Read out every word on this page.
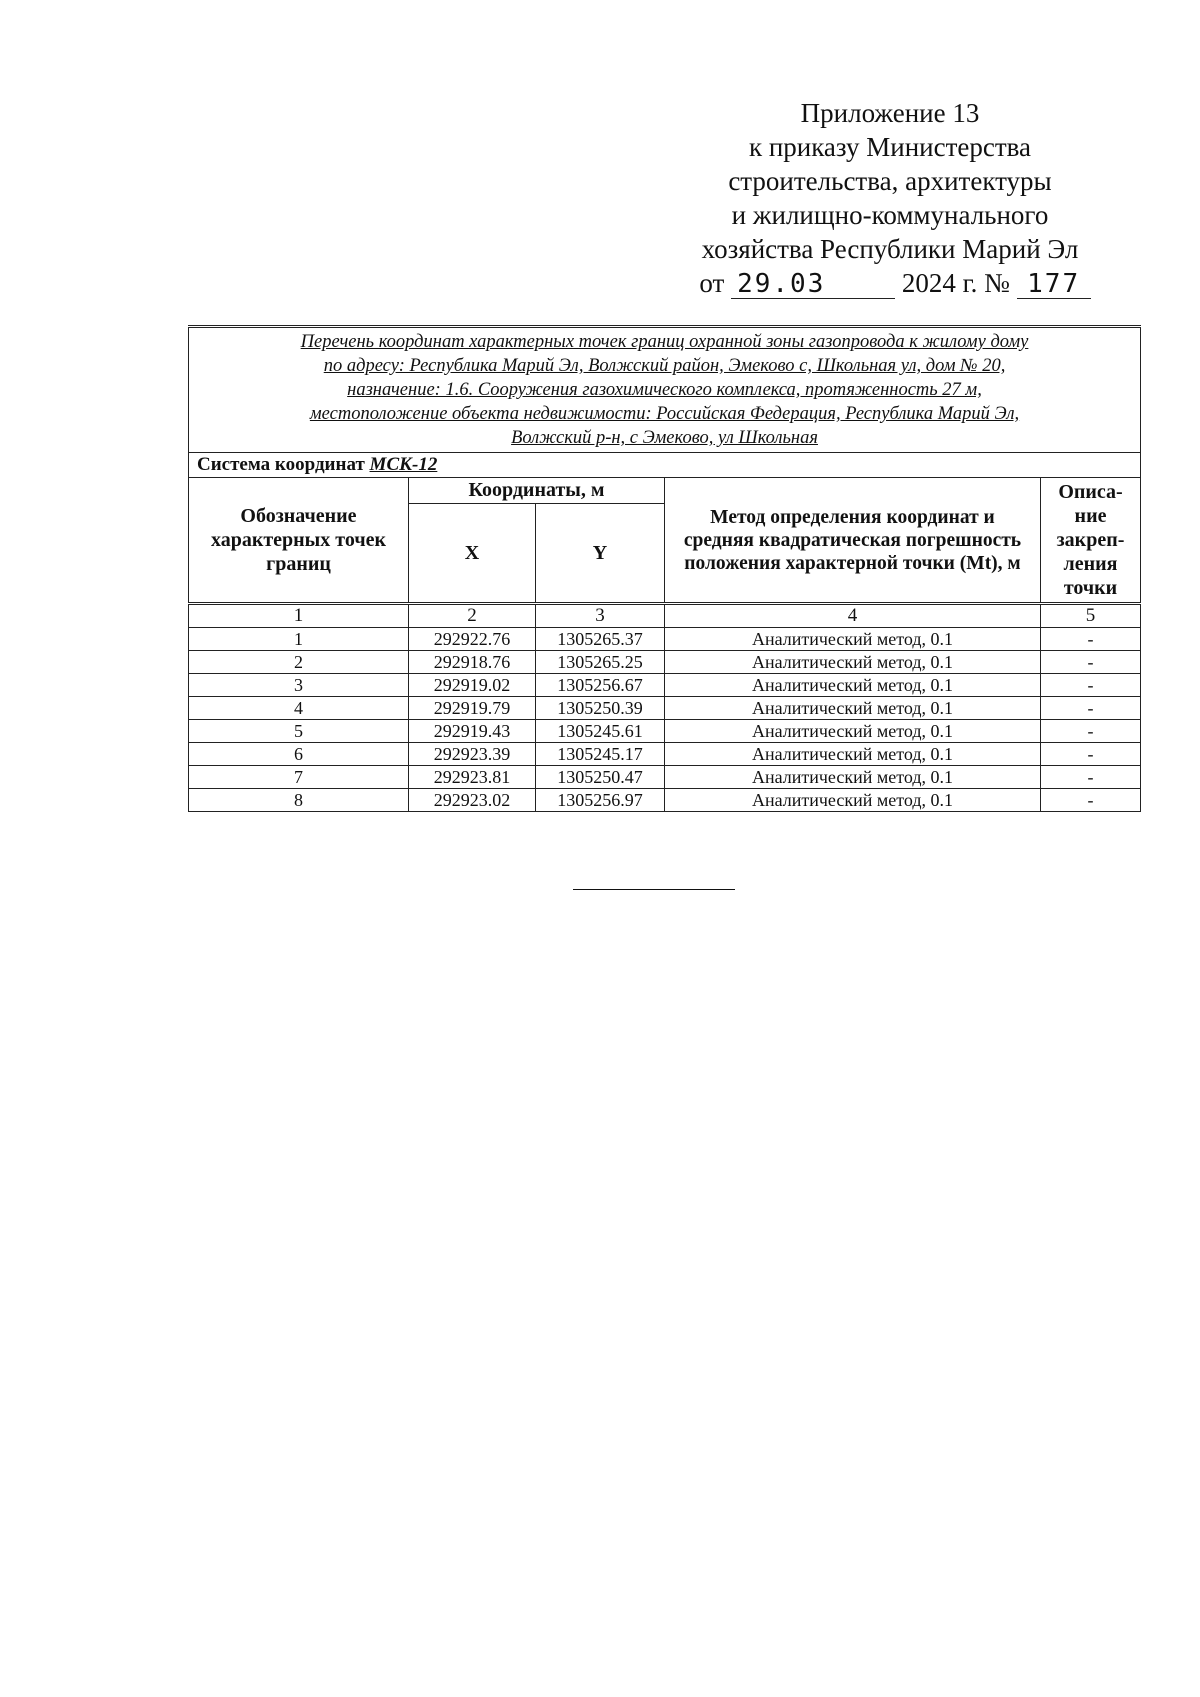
Приложение 13
к приказу Министерства
строительства, архитектуры
и жилищно-коммунального
хозяйства Республики Марий Эл
от 29.03	2024 г. № 177
Перечень координат характерных точек границ охранной зоны газопровода к жилому дому
по адресу: Республика Марий Эл, Волжский район, Эмеково с, Школьная ул, дом № 20,
назначение: 1.6. Сооружения газохимического комплекса, протяженность 27 м,
местоположение объекта недвижимости: Российская Федерация, Республика Марий Эл,
Волжский р-н, с Эмеково, ул Школьная				

Система координат МСК-12				
Обозначение характерных точек границ	Координаты, м		Метод определения координат и средняя квадратическая погрешность положения характерной точки (Mt), м	Описа-ние закреп-ления точки

	X	Y		
1	2	3	4	5
1	292922.76	1305265.37	Аналитический метод, 0.1	-
2	292918.76	1305265.25	Аналитический метод, 0.1	-
3	292919.02	1305256.67	Аналитический метод, 0.1	-
4	292919.79	1305250.39	Аналитический метод, 0.1	-
5	292919.43	1305245.61	Аналитический метод, 0.1	-
6	292923.39	1305245.17	Аналитический метод, 0.1	-
7	292923.81	1305250.47	Аналитический метод, 0.1	-
8	292923.02	1305256.97	Аналитический метод, 0.1	-
